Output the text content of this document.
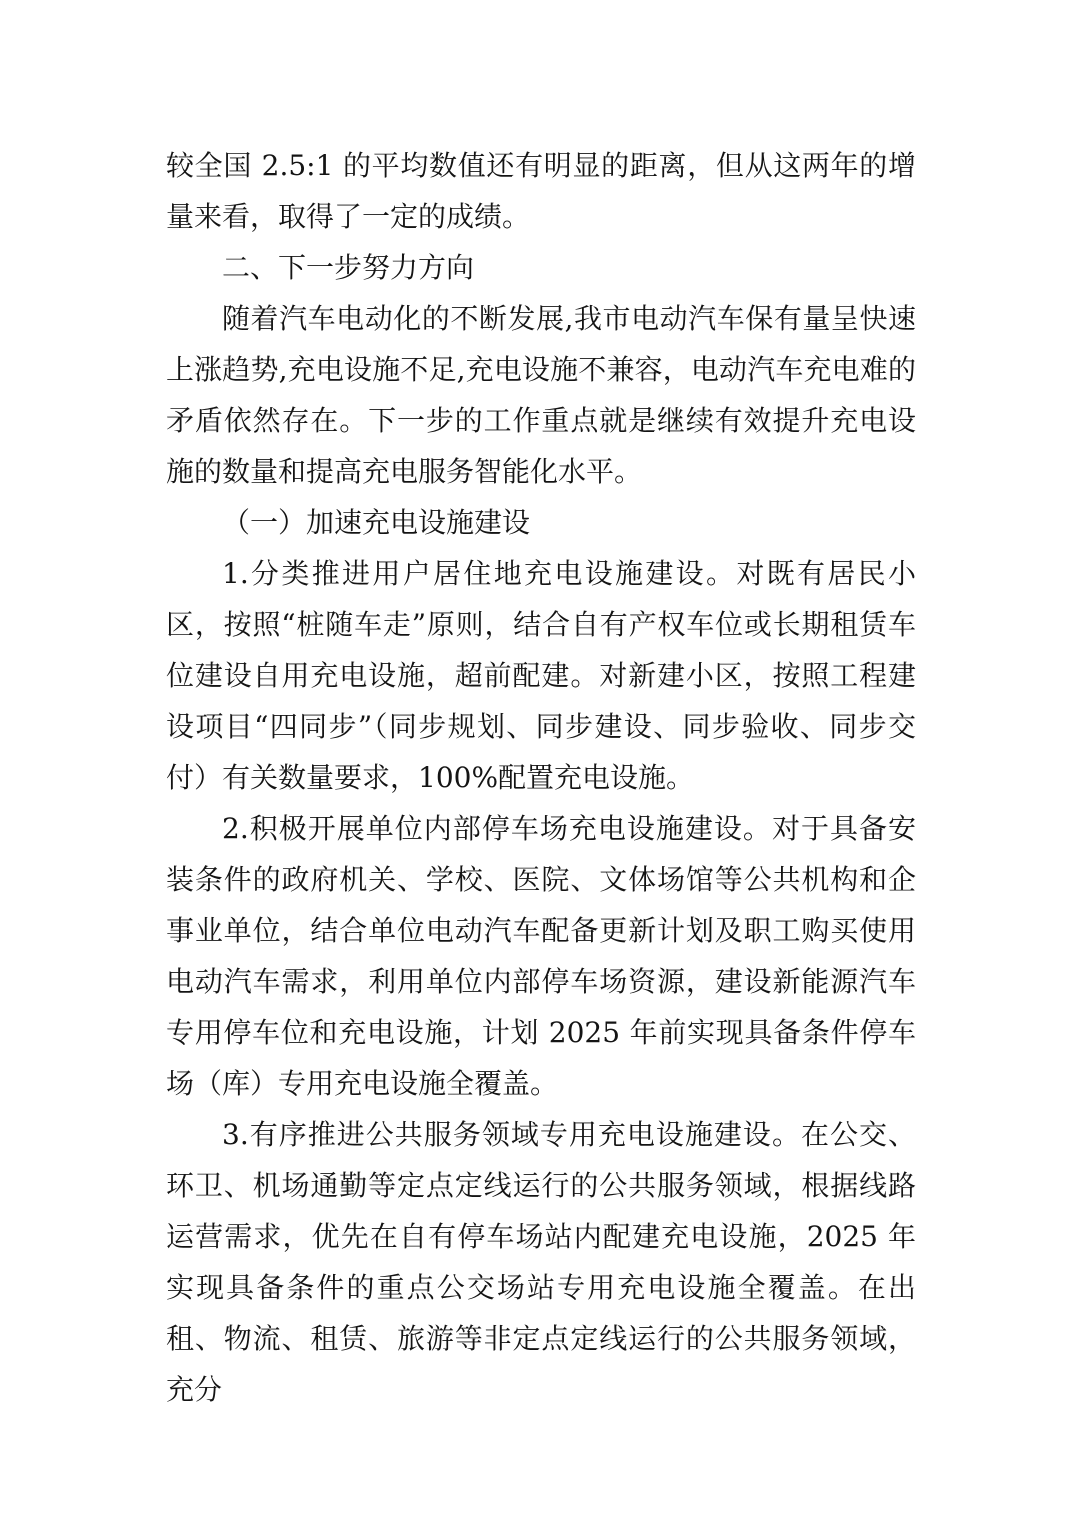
较全国 2.5:1 的平均数值还有明显的距离，但从这两年的增量来看，取得了一定的成绩。

二、下一步努力方向

随着汽车电动化的不断发展,我市电动汽车保有量呈快速上涨趋势,充电设施不足,充电设施不兼容，电动汽车充电难的矛盾依然存在。下一步的工作重点就是继续有效提升充电设施的数量和提高充电服务智能化水平。

（一）加速充电设施建设

1.分类推进用户居住地充电设施建设。对既有居民小区，按照“桩随车走”原则，结合自有产权车位或长期租赁车位建设自用充电设施，超前配建。对新建小区，按照工程建设项目“四同步”（同步规划、同步建设、同步验收、同步交付）有关数量要求，100%配置充电设施。

2.积极开展单位内部停车场充电设施建设。对于具备安装条件的政府机关、学校、医院、文体场馆等公共机构和企事业单位，结合单位电动汽车配备更新计划及职工购买使用电动汽车需求，利用单位内部停车场资源，建设新能源汽车专用停车位和充电设施，计划 2025 年前实现具备条件停车场（库）专用充电设施全覆盖。

3.有序推进公共服务领域专用充电设施建设。在公交、环卫、机场通勤等定点定线运行的公共服务领域，根据线路运营需求，优先在自有停车场站内配建充电设施，2025 年实现具备条件的重点公交场站专用充电设施全覆盖。在出租、物流、租赁、旅游等非定点定线运行的公共服务领域，充分
